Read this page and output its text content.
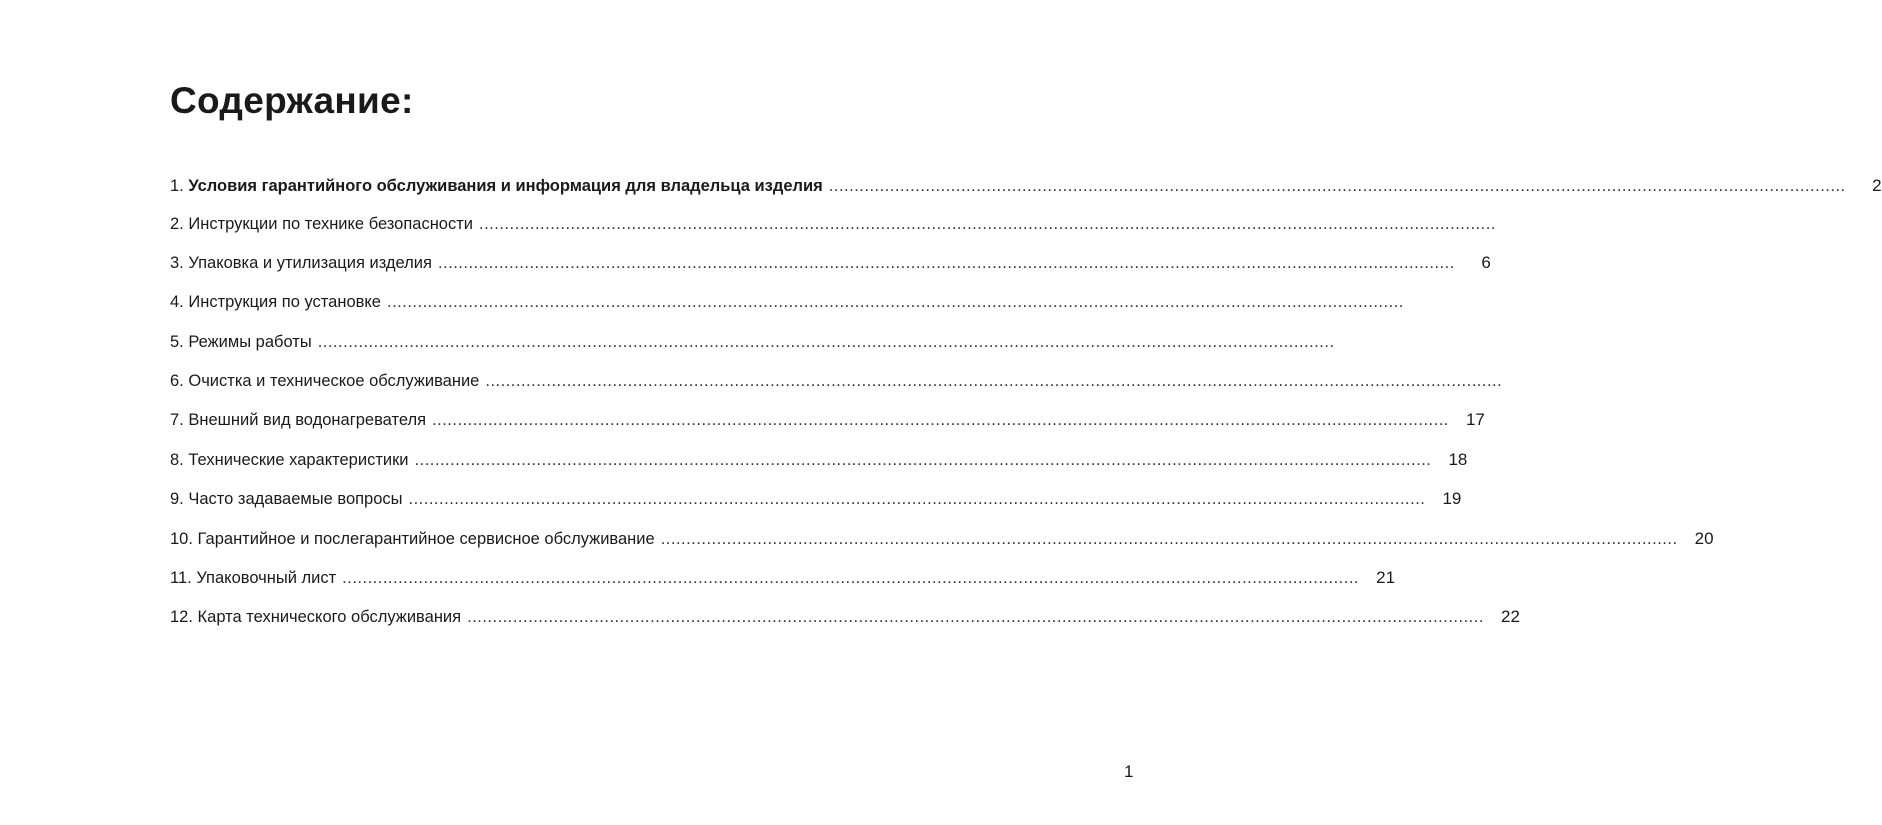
Содержание:
1. Условия гарантийного обслуживания и информация для владельца изделия ........................................................................................................................................................................................................	2
2. Инструкции по технике безопасности ........................................................................................................................................................................................................
3. Упаковка и утилизация изделия ........................................................................................................................................................................................................	6
4. Инструкция по установке ........................................................................................................................................................................................................
5. Режимы работы ........................................................................................................................................................................................................
6. Очистка и техническое обслуживание ........................................................................................................................................................................................................
7. Внешний вид водонагревателя ........................................................................................................................................................................................................	17
8. Технические характеристики ........................................................................................................................................................................................................	18
9. Часто задаваемые вопросы ........................................................................................................................................................................................................	19
10. Гарантийное и послегарантийное сервисное обслуживание ........................................................................................................................................................................................................	20
11. Упаковочный лист ........................................................................................................................................................................................................	21
12. Карта технического обслуживания ........................................................................................................................................................................................................	22
1
